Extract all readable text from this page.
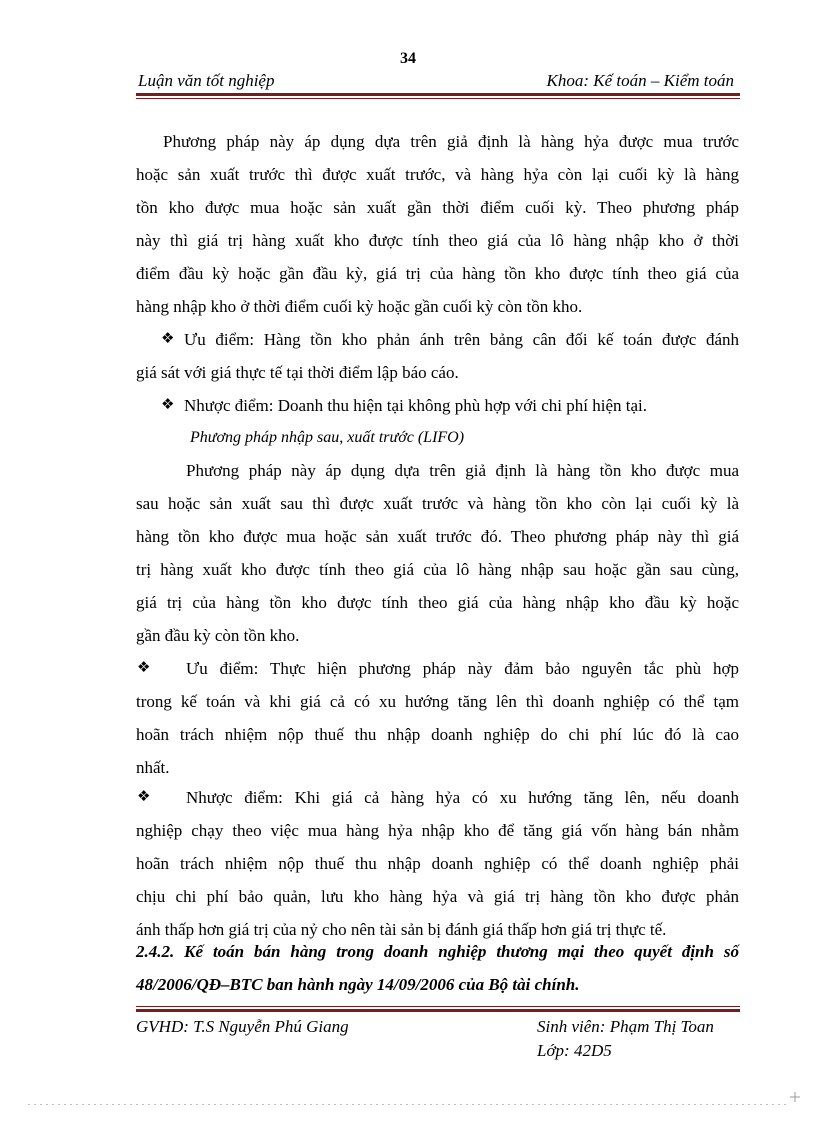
34
Luận văn tốt nghiệp	Khoa: Kế toán – Kiểm toán
Phương pháp này áp dụng dựa trên giả định là hàng hỷa được mua trước
hoặc sản xuất trước thì được xuất trước, và hàng hỷa còn lại cuối kỳ là hàng
tồn kho được mua hoặc sản xuất gần thời điểm cuối kỳ. Theo phương pháp
này thì giá trị hàng xuất kho được tính theo giá của lô hàng nhập kho ở thời
điểm đầu kỳ hoặc gần đầu kỳ, giá trị của hàng tồn kho được tính theo giá của
hàng nhập kho ở thời điểm cuối kỳ hoặc gần cuối kỳ còn tồn kho.
❖ Ưu điểm: Hàng tồn kho phản ánh trên bảng cân đối kế toán được đánh
giá sát với giá thực tế tại thời điểm lập báo cáo.
❖ Nhược điểm: Doanh thu hiện tại không phù hợp với chi phí hiện tại.
Phương pháp nhập sau, xuất trước (LIFO)
Phương pháp này áp dụng dựa trên giả định là hàng tồn kho được mua
sau hoặc sản xuất sau thì được xuất trước và hàng tồn kho còn lại cuối kỳ là
hàng tồn kho được mua hoặc sản xuất trước đó. Theo phương pháp này thì giá
trị hàng xuất kho được tính theo giá của lô hàng nhập sau hoặc gần sau cùng,
giá trị của hàng tồn kho được tính theo giá của hàng nhập kho đầu kỳ hoặc
gần đầu kỳ còn tồn kho.
❖ Ưu điểm: Thực hiện phương pháp này đảm bảo nguyên tắc phù hợp
trong kế toán và khi giá cả có xu hướng tăng lên thì doanh nghiệp có thể tạm
hoãn trách nhiệm nộp thuế thu nhập doanh nghiệp do chi phí lúc đó là cao
nhất.
❖ Nhược điểm: Khi giá cả hàng hỷa có xu hướng tăng lên, nếu doanh
nghiệp chạy theo việc mua hàng hỷa nhập kho để tăng giá vốn hàng bán nhằm
hoãn trách nhiệm nộp thuế thu nhập doanh nghiệp có thể doanh nghiệp phải
chịu chi phí bảo quản, lưu kho hàng hỷa và giá trị hàng tồn kho được phản
ánh thấp hơn giá trị của nỷ cho nên tài sản bị đánh giá thấp hơn giá trị thực tế.
2.4.2. Kế toán bán hàng trong doanh nghiệp thương mại theo quyết định số
48/2006/QĐ–BTC ban hành ngày 14/09/2006 của Bộ tài chính.
GVHD: T.S Nguyễn Phú Giang	Sinh viên: Phạm Thị Toan
Lớp: 42D5
